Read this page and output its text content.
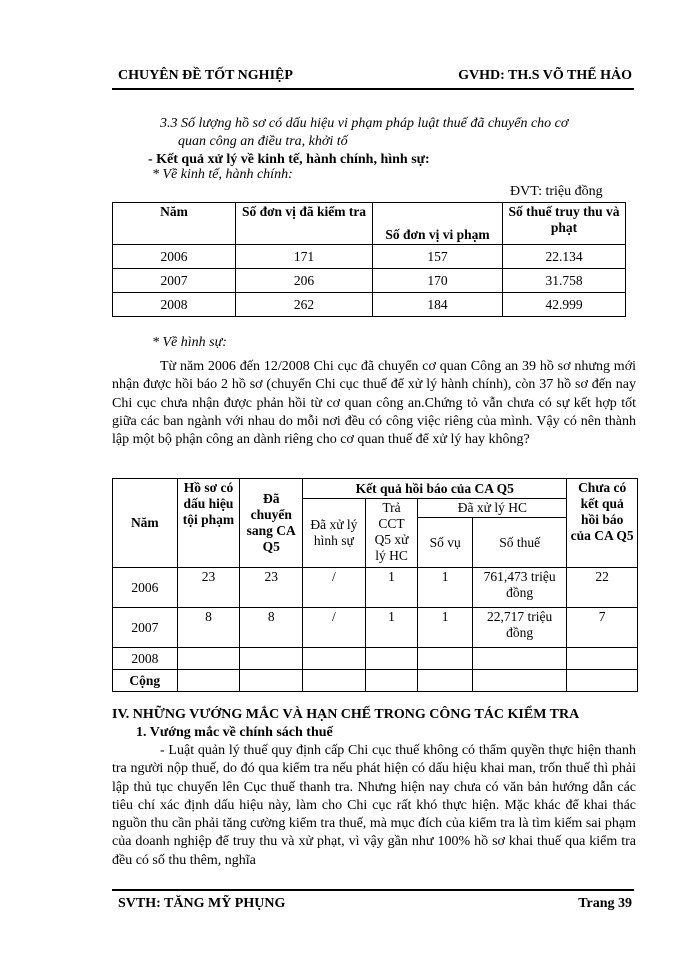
CHUYÊN ĐỀ TỐT NGHIỆP	GVHD: TH.S VÕ THẾ HẢO
3.3 Số lượng hồ sơ có dấu hiệu vi phạm pháp luật thuế đã chuyển cho cơ
quan công an điều tra, khởi tố
- Kết quả xử lý về kinh tế, hành chính, hình sự:
* Về kinh tế, hành chính:
ĐVT: triệu đồng
Năm	Số đơn vị đã kiểm tra	Số đơn vị vi phạm	Số thuế truy thu và phạt
2006	171	157	22.134
2007	206	170	31.758
2008	262	184	42.999
* Về hình sự:
Từ năm 2006 đến 12/2008 Chi cục đã chuyển cơ quan Công an 39 hồ sơ nhưng mới nhận được hồi báo 2 hồ sơ (chuyển Chi cục thuế để xử lý hành chính), còn 37 hồ sơ đến nay Chi cục chưa nhận được phản hồi từ cơ quan công an.Chứng tỏ vẫn chưa có sự kết hợp tốt giữa các ban ngành với nhau do mỗi nơi đều có công việc riêng của mình. Vậy có nên thành lập một bộ phận công an dành riêng cho cơ quan thuế để xử lý hay không?
Năm	Hồ sơ có dấu hiệu tội phạm	Đã chuyển sang CA Q5	Kết quả hồi báo của CA Q5				Chưa có kết quả hồi báo của CA Q5
			Đã xử lý hình sự	Trả CCT Q5 xử lý HC	Đã xử lý HC		
					Số vụ	Số thuế	
2006	23	23	/	1	1	761,473 triệu đồng	22
2007	8	8	/	1	1	22,717 triệu đồng	7
2008							
Cộng							
IV. NHỮNG VƯỚNG MẮC VÀ HẠN CHẾ TRONG CÔNG TÁC KIỂM TRA
1. Vướng mắc về chính sách thuế
- Luật quản lý thuế quy định cấp Chi cục thuế không có thẩm quyền thực hiện thanh tra người nộp thuế, do đó qua kiểm tra nếu phát hiện có dấu hiệu khai man, trốn thuế thì phải lập thủ tục chuyển lên Cục thuế thanh tra. Nhưng hiện nay chưa có văn bản hướng dẫn các tiêu chí xác định dấu hiệu này, làm cho Chi cục rất khó thực hiện. Mặc khác để khai thác nguồn thu cần phải tăng cường kiểm tra thuế, mà mục đích của kiểm tra là tìm kiếm sai phạm của doanh nghiệp để truy thu và xử phạt, vì vậy gần như 100% hồ sơ khai thuế qua kiểm tra đều có số thu thêm, nghĩa
SVTH: TĂNG MỸ PHỤNG	Trang 39
